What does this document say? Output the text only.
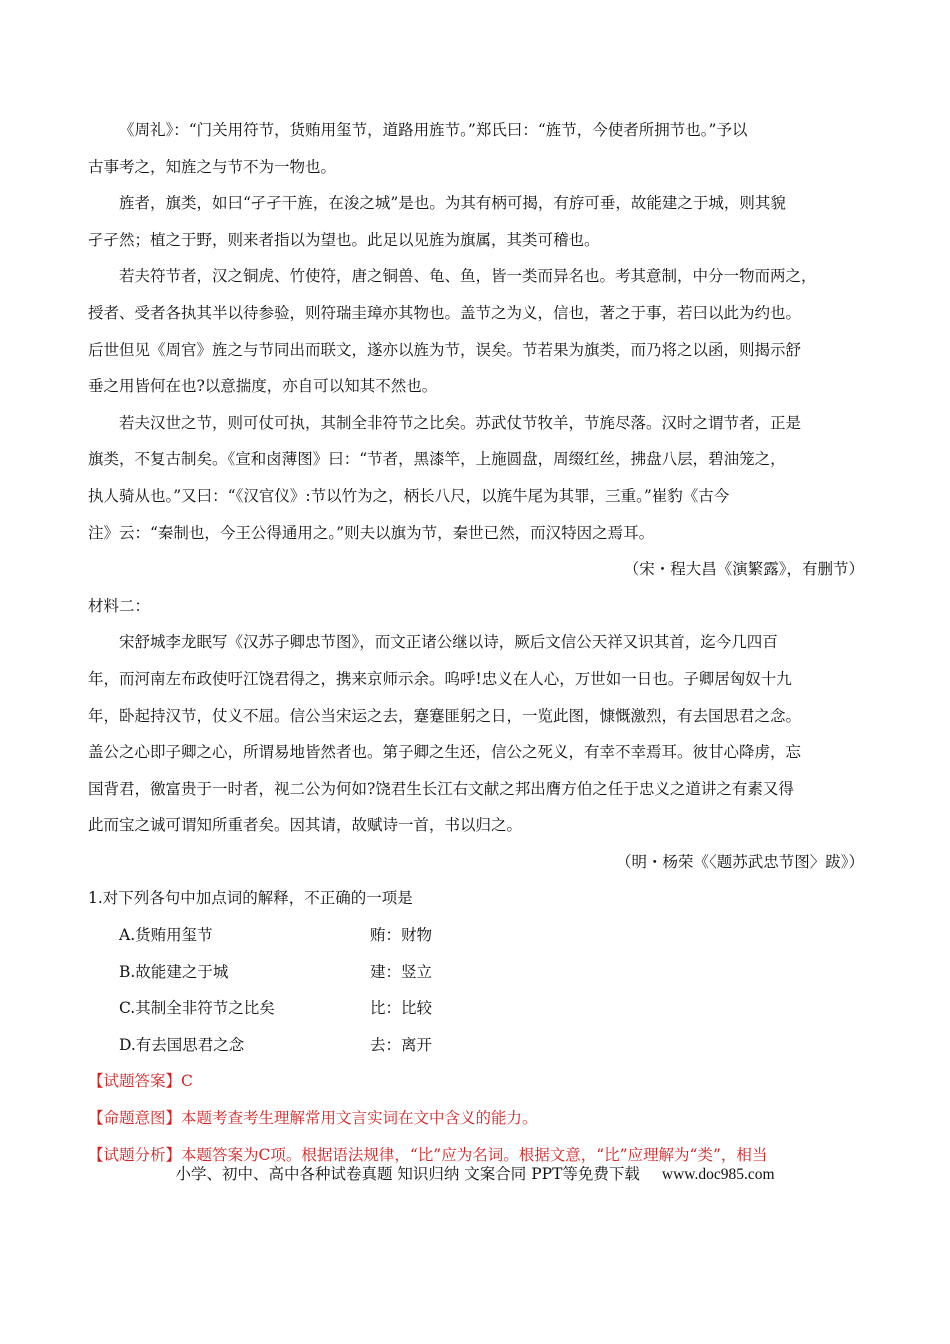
《周礼》：“门关用符节，货贿用玺节，道路用旌节。”郑氏曰：“旌节，今使者所拥节也。”予以
古事考之，知旌之与节不为一物也。
旌者，旗类，如曰“孑孑干旌，在浚之城”是也。为其有柄可揭，有斿可垂，故能建之于城，则其貌
孑孑然；植之于野，则来者指以为望也。此足以见旌为旗属，其类可稽也。
若夫符节者，汉之铜虎、竹使符，唐之铜兽、龟、鱼，皆一类而异名也。考其意制，中分一物而两之，
授者、受者各执其半以待参验，则符瑞圭璋亦其物也。盖节之为义，信也，著之于事，若曰以此为约也。
后世但见《周官》旌之与节同出而联文，遂亦以旌为节，误矣。节若果为旗类，而乃将之以函，则揭示舒
垂之用皆何在也?以意揣度，亦自可以知其不然也。
若夫汉世之节，则可仗可执，其制全非符节之比矣。苏武仗节牧羊，节旄尽落。汉时之谓节者，正是
旗类，不复古制矣。《宣和卤薄图》曰：“节者，黑漆竿，上施圆盘，周缀红丝，拂盘八层，碧油笼之，
执人骑从也。”又曰：“《汉官仪》:节以竹为之，柄长八尺，以旄牛尾为其罪，三重。”崔豹《古今
注》云：“秦制也，今王公得通用之。”则夫以旗为节，秦世已然，而汉特因之焉耳。
（宋・程大昌《演繁露》，有删节）
材料二：
宋舒城李龙眠写《汉苏子卿忠节图》，而文正诸公继以诗，厥后文信公天祥又识其首，迄今几四百
年，而河南左布政使吁江饶君得之，携来京师示余。呜呼!忠义在人心，万世如一日也。子卿居匈奴十九
年，卧起持汉节，仗义不屈。信公当宋运之去，蹇蹇匪躬之日，一览此图，慷慨激烈，有去国思君之念。
盖公之心即子卿之心，所谓易地皆然者也。第子卿之生还，信公之死义，有幸不幸焉耳。彼甘心降虏，忘
国背君，徼富贵于一时者，视二公为何如?饶君生长江右文献之邦出膺方伯之任于忠义之道讲之有素又得
此而宝之诚可谓知所重者矣。因其请，故赋诗一首，书以归之。
（明・杨荣《〈题苏武忠节图〉跋》）
1.对下列各句中加点词的解释，不正确的一项是
A.货贿用玺节	贿：财物
B.故能建之于城	建：竖立
C.其制全非符节之比矣	比：比较
D.有去国思君之念	去：离开
【试题答案】C
【命题意图】本题考查考生理解常用文言实词在文中含义的能力。
【试题分析】本题答案为C项。根据语法规律，“比”应为名词。根据文意，“比”应理解为“类”，相当
小学、初中、高中各种试卷真题 知识归纳 文案合同 PPT等免费下载 www.doc985.com
